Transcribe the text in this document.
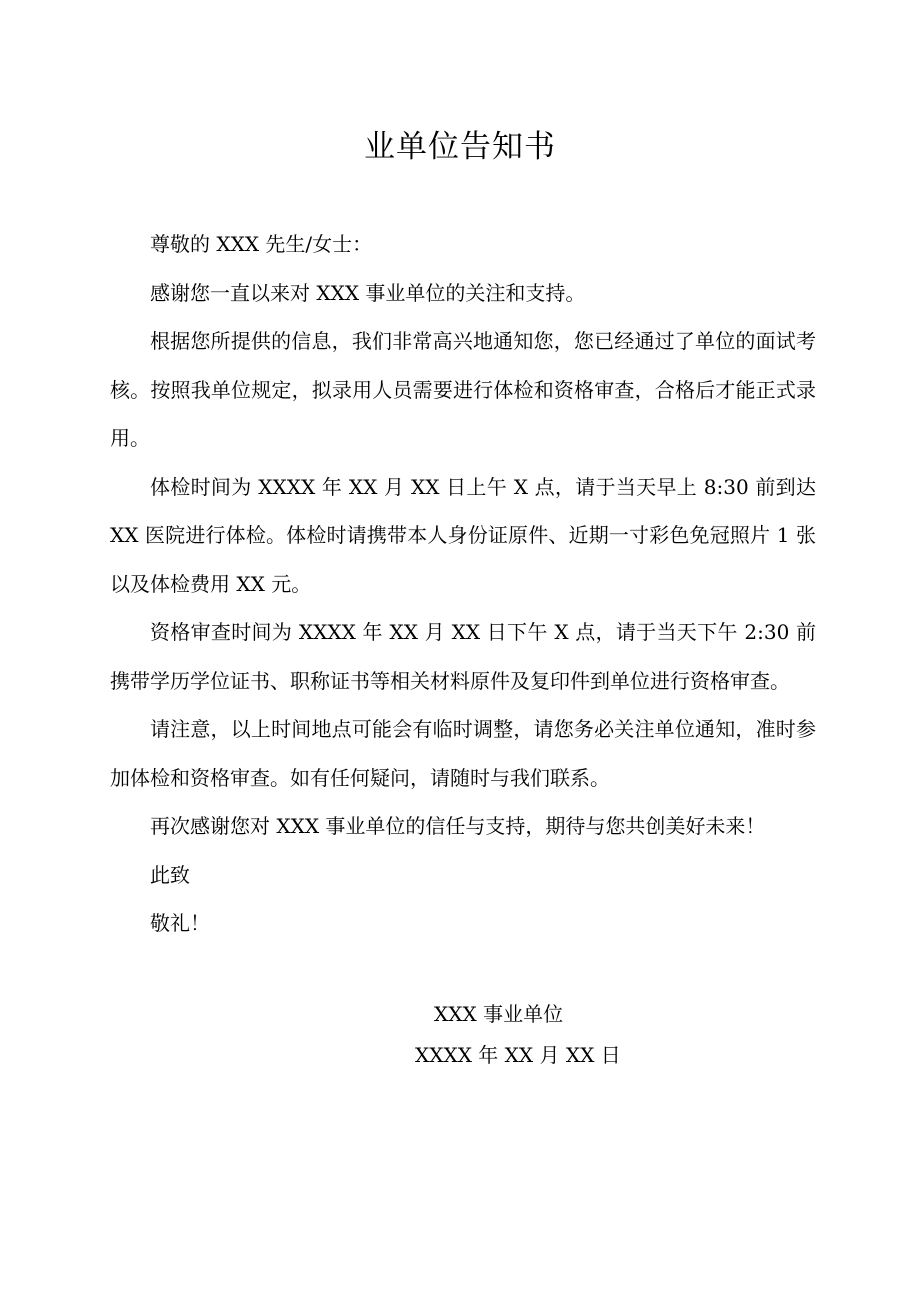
业单位告知书

尊敬的 XXX 先生/女士：

感谢您一直以来对 XXX 事业单位的关注和支持。

根据您所提供的信息，我们非常高兴地通知您，您已经通过了单位的面试考核。按照我单位规定，拟录用人员需要进行体检和资格审查，合格后才能正式录用。

体检时间为 XXXX 年 XX 月 XX 日上午 X 点，请于当天早上 8:30 前到达 XX 医院进行体检。体检时请携带本人身份证原件、近期一寸彩色免冠照片 1 张以及体检费用 XX 元。

资格审查时间为 XXXX 年 XX 月 XX 日下午 X 点，请于当天下午 2:30 前携带学历学位证书、职称证书等相关材料原件及复印件到单位进行资格审查。

请注意，以上时间地点可能会有临时调整，请您务必关注单位通知，准时参加体检和资格审查。如有任何疑问，请随时与我们联系。

再次感谢您对 XXX 事业单位的信任与支持，期待与您共创美好未来！

此致

敬礼！

XXX 事业单位

XXXX 年 XX 月 XX 日
